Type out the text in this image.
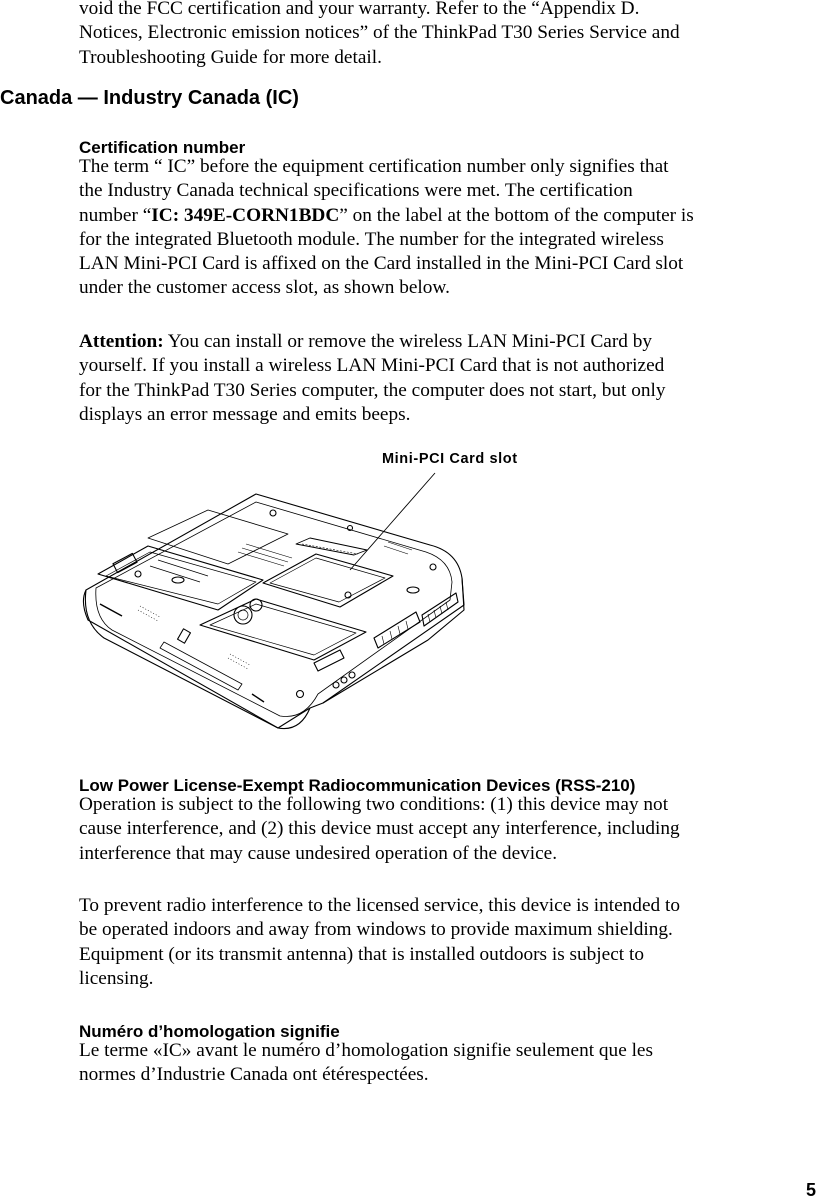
void the FCC certification and your warranty. Refer to the “Appendix D.
Notices, Electronic emission notices” of the ThinkPad T30 Series Service and
Troubleshooting Guide for more detail.
Canada — Industry Canada (IC)
Certification number
The term “ IC” before the equipment certification number only signifies that
the Industry Canada technical specifications were met. The certification
number “IC: 349E-CORN1BDC” on the label at the bottom of the computer is
for the integrated Bluetooth module. The number for the integrated wireless
LAN Mini-PCI Card is affixed on the Card installed in the Mini-PCI Card slot
under the customer access slot, as shown below.
Attention: You can install or remove the wireless LAN Mini-PCI Card by
yourself. If you install a wireless LAN Mini-PCI Card that is not authorized
for the ThinkPad T30 Series computer, the computer does not start, but only
displays an error message and emits beeps.
Mini-PCI Card slot
Low Power License-Exempt Radiocommunication Devices (RSS-210)
Operation is subject to the following two conditions: (1) this device may not
cause interference, and (2) this device must accept any interference, including
interference that may cause undesired operation of the device.
To prevent radio interference to the licensed service, this device is intended to
be operated indoors and away from windows to provide maximum shielding.
Equipment (or its transmit antenna) that is installed outdoors is subject to
licensing.
Numéro d’homologation signifie
Le terme «IC» avant le numéro d’homologation signifie seulement que les
normes d’Industrie Canada ont étérespectées.
5
